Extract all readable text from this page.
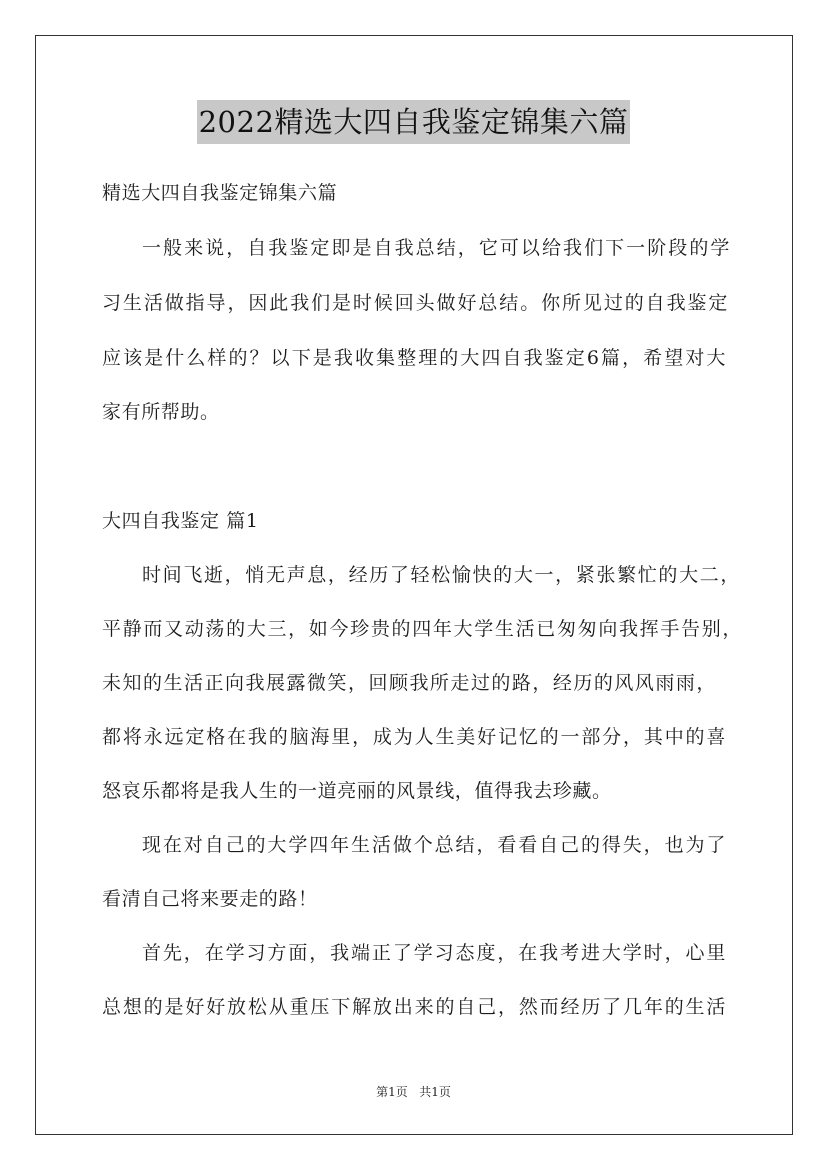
2022精选大四自我鉴定锦集六篇
精选大四自我鉴定锦集六篇
一般来说，自我鉴定即是自我总结，它可以给我们下一阶段的学
习生活做指导，因此我们是时候回头做好总结。你所见过的自我鉴定
应该是什么样的？以下是我收集整理的大四自我鉴定6篇，希望对大
家有所帮助。
大四自我鉴定 篇1
时间飞逝，悄无声息，经历了轻松愉快的大一，紧张繁忙的大二，
平静而又动荡的大三，如今珍贵的四年大学生活已匆匆向我挥手告别，
未知的生活正向我展露微笑，回顾我所走过的路，经历的风风雨雨，
都将永远定格在我的脑海里，成为人生美好记忆的一部分，其中的喜
怒哀乐都将是我人生的一道亮丽的风景线，值得我去珍藏。
现在对自己的大学四年生活做个总结，看看自己的得失，也为了
看清自己将来要走的路！
首先，在学习方面，我端正了学习态度，在我考进大学时，心里
总想的是好好放松从重压下解放出来的自己，然而经历了几年的生活
第1页 共1页
